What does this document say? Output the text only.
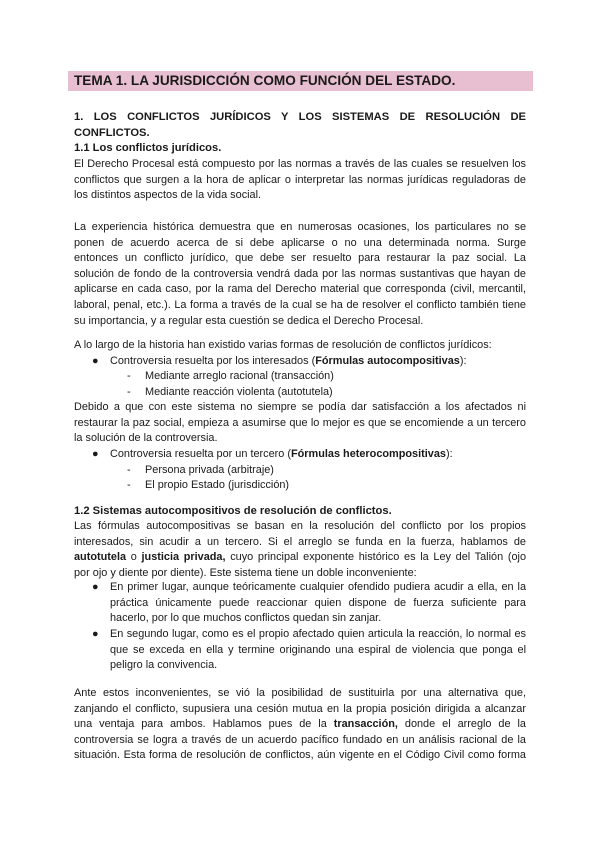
TEMA 1. LA JURISDICCIÓN COMO FUNCIÓN DEL ESTADO.
1. LOS CONFLICTOS JURÍDICOS Y LOS SISTEMAS DE RESOLUCIÓN DE
CONFLICTOS.
1.1 Los conflictos jurídicos.
El Derecho Procesal está compuesto por las normas a través de las cuales se resuelven los
conflictos que surgen a la hora de aplicar o interpretar las normas jurídicas reguladoras de
los distintos aspectos de la vida social.
La experiencia histórica demuestra que en numerosas ocasiones, los particulares no se
ponen de acuerdo acerca de si debe aplicarse o no una determinada norma. Surge
entonces un conflicto jurídico, que debe ser resuelto para restaurar la paz social. La
solución de fondo de la controversia vendrá dada por las normas sustantivas que hayan de
aplicarse en cada caso, por la rama del Derecho material que corresponda (civil, mercantil,
laboral, penal, etc.). La forma a través de la cual se ha de resolver el conflicto también tiene
su importancia, y a regular esta cuestión se dedica el Derecho Procesal.
A lo largo de la historia han existido varias formas de resolución de conflictos jurídicos:
● Controversia resuelta por los interesados (Fórmulas autocompositivas):
- Mediante arreglo racional (transacción)
- Mediante reacción violenta (autotutela)
Debido a que con este sistema no siempre se podía dar satisfacción a los afectados ni
restaurar la paz social, empieza a asumirse que lo mejor es que se encomiende a un tercero
la solución de la controversia.
● Controversia resuelta por un tercero (Fórmulas heterocompositivas):
- Persona privada (arbitraje)
- El propio Estado (jurisdicción)
1.2 Sistemas autocompositivos de resolución de conflictos.
Las fórmulas autocompositivas se basan en la resolución del conflicto por los propios
interesados, sin acudir a un tercero. Si el arreglo se funda en la fuerza, hablamos de
autotutela o justicia privada, cuyo principal exponente histórico es la Ley del Talión (ojo
por ojo y diente por diente). Este sistema tiene un doble inconveniente:
● En primer lugar, aunque teóricamente cualquier ofendido pudiera acudir a ella, en la
práctica únicamente puede reaccionar quien dispone de fuerza suficiente para
hacerlo, por lo que muchos conflictos quedan sin zanjar.
● En segundo lugar, como es el propio afectado quien articula la reacción, lo normal es
que se exceda en ella y termine originando una espiral de violencia que ponga el
peligro la convivencia.
Ante estos inconvenientes, se vió la posibilidad de sustituirla por una alternativa que,
zanjando el conflicto, supusiera una cesión mutua en la propia posición dirigida a alcanzar
una ventaja para ambos. Hablamos pues de la transacción, donde el arreglo de la
controversia se logra a través de un acuerdo pacífico fundado en un análisis racional de la
situación. Esta forma de resolución de conflictos, aún vigente en el Código Civil como forma
